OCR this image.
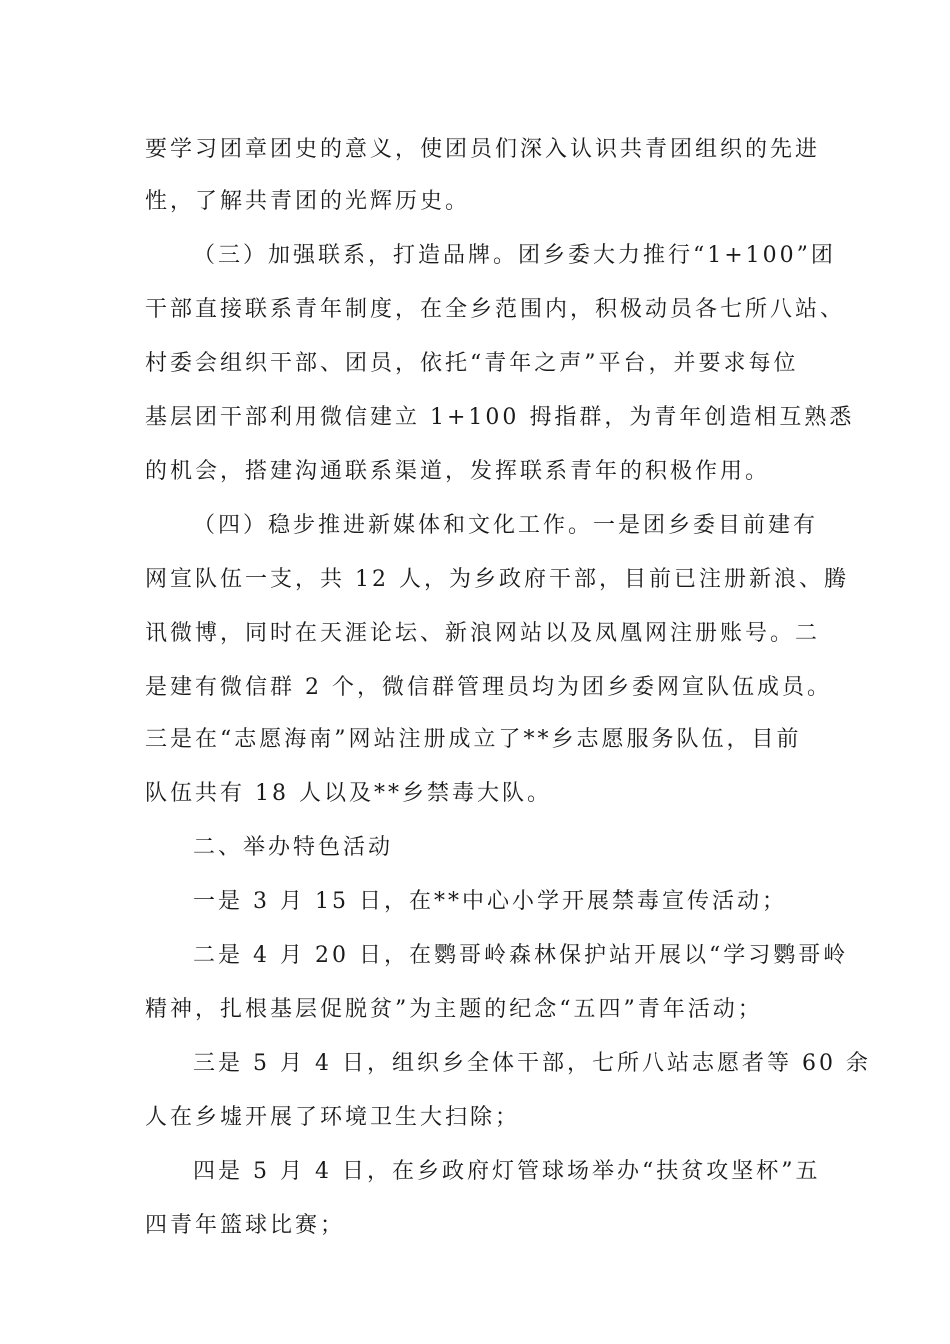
要学习团章团史的意义，使团员们深入认识共青团组织的先进
性，了解共青团的光辉历史。
（三）加强联系，打造品牌。团乡委大力推行“1+100”团
干部直接联系青年制度，在全乡范围内，积极动员各七所八站、
村委会组织干部、团员，依托“青年之声”平台，并要求每位
基层团干部利用微信建立 1+100 拇指群，为青年创造相互熟悉
的机会，搭建沟通联系渠道，发挥联系青年的积极作用。
（四）稳步推进新媒体和文化工作。一是团乡委目前建有
网宣队伍一支，共 12 人，为乡政府干部，目前已注册新浪、腾
讯微博，同时在天涯论坛、新浪网站以及凤凰网注册账号。二
是建有微信群 2 个，微信群管理员均为团乡委网宣队伍成员。
三是在“志愿海南”网站注册成立了**乡志愿服务队伍，目前
队伍共有 18 人以及**乡禁毒大队。
二、举办特色活动
一是 3 月 15 日，在**中心小学开展禁毒宣传活动；
二是 4 月 20 日，在鹦哥岭森林保护站开展以“学习鹦哥岭
精神，扎根基层促脱贫”为主题的纪念“五四”青年活动；
三是 5 月 4 日，组织乡全体干部，七所八站志愿者等 60 余
人在乡墟开展了环境卫生大扫除；
四是 5 月 4 日，在乡政府灯管球场举办“扶贫攻坚杯”五
四青年篮球比赛；
